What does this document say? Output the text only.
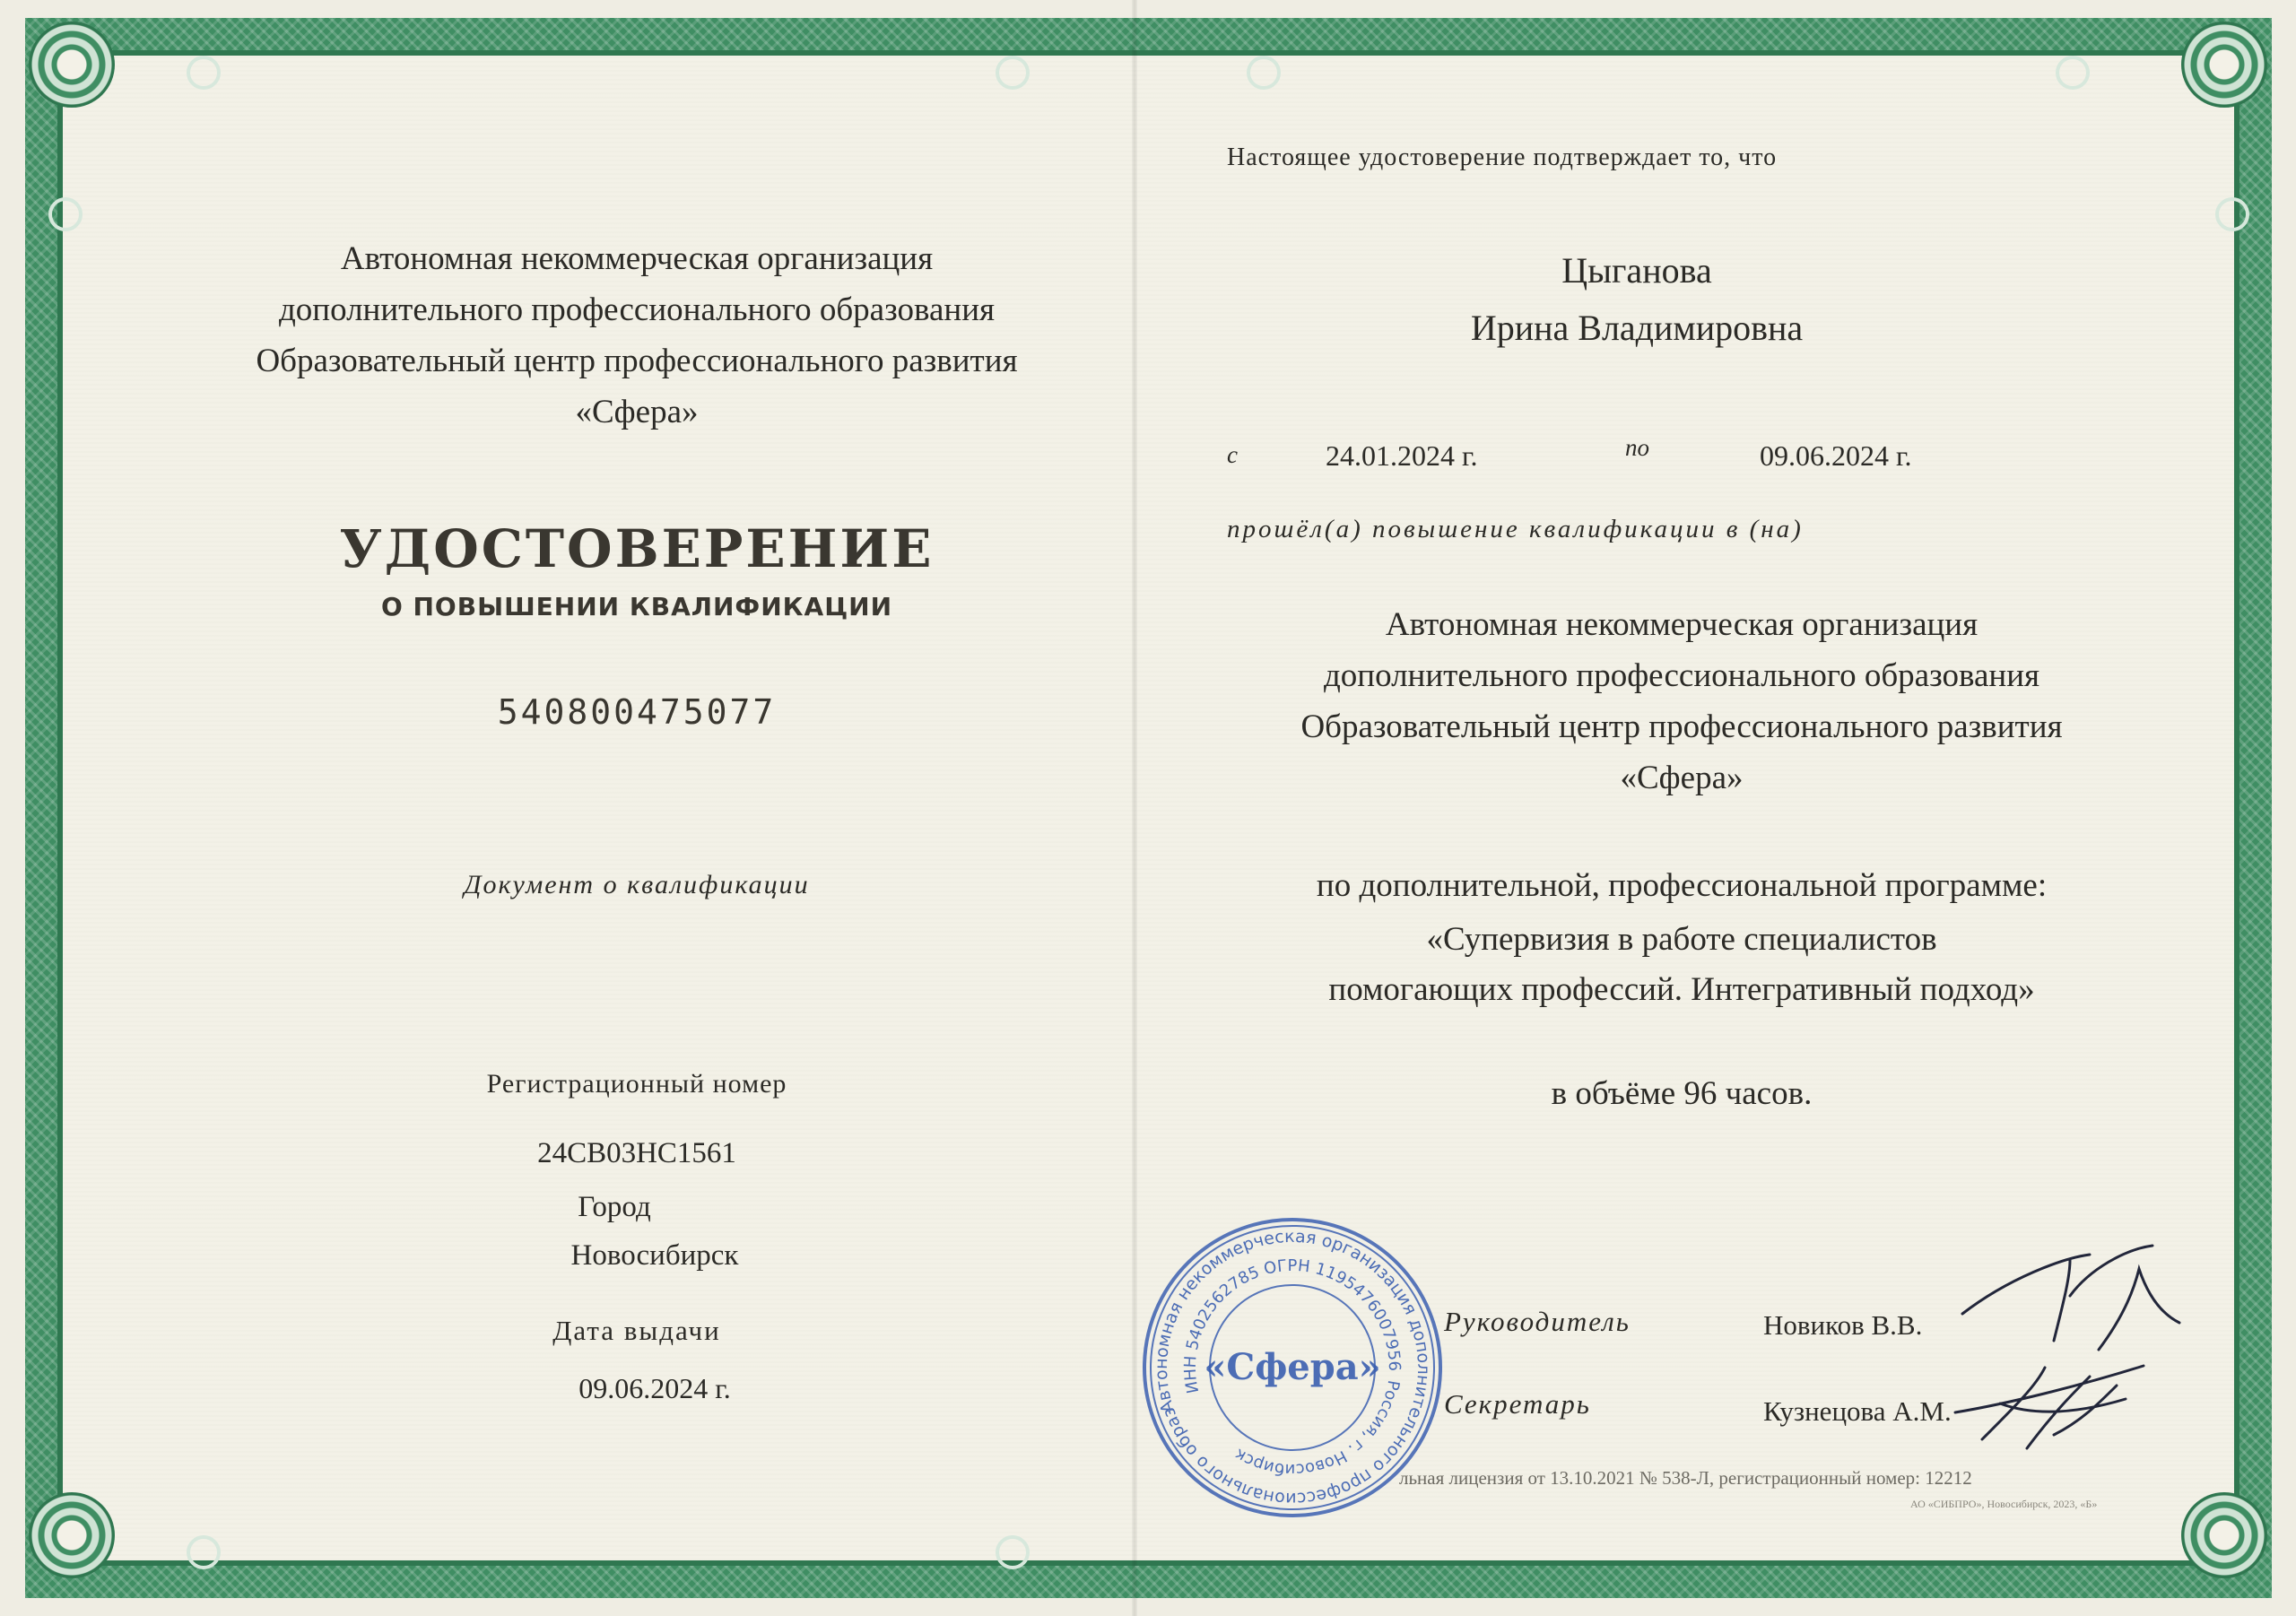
Автономная некоммерческая организация
дополнительного профессионального образования
Образовательный центр профессионального развития
«Сфера»
УДОСТОВЕРЕНИЕ
О ПОВЫШЕНИИ КВАЛИФИКАЦИИ
540800475077
Документ о квалификации
Регистрационный номер
24CB03HC1561
Город
Новосибирск
Дата выдачи
09.06.2024 г.
Настоящее удостоверение подтверждает то, что
Цыганова
Ирина Владимировна
с	24.01.2024 г.	по	09.06.2024 г.
прошёл(а) повышение квалификации в (на)
Автономная некоммерческая организация
дополнительного профессионального образования
Образовательный центр профессионального развития
«Сфера»
по дополнительной, профессиональной программе:
«Супервизия в работе специалистов
помогающих профессий. Интегративный подход»
в объёме 96 часов.
Руководитель	Новиков В.В.
Секретарь	Кузнецова А.М.
льная лицензия от 13.10.2021 № 538-Л, регистрационный номер: 12212
АО «СИБПРО», Новосибирск, 2023, «Б»
Автономная некоммерческая организация дополнительного профессионального образования
ИНН 5402562785 ОГРН 1195476007956
Россия, г. Новосибирск
«Сфера»
